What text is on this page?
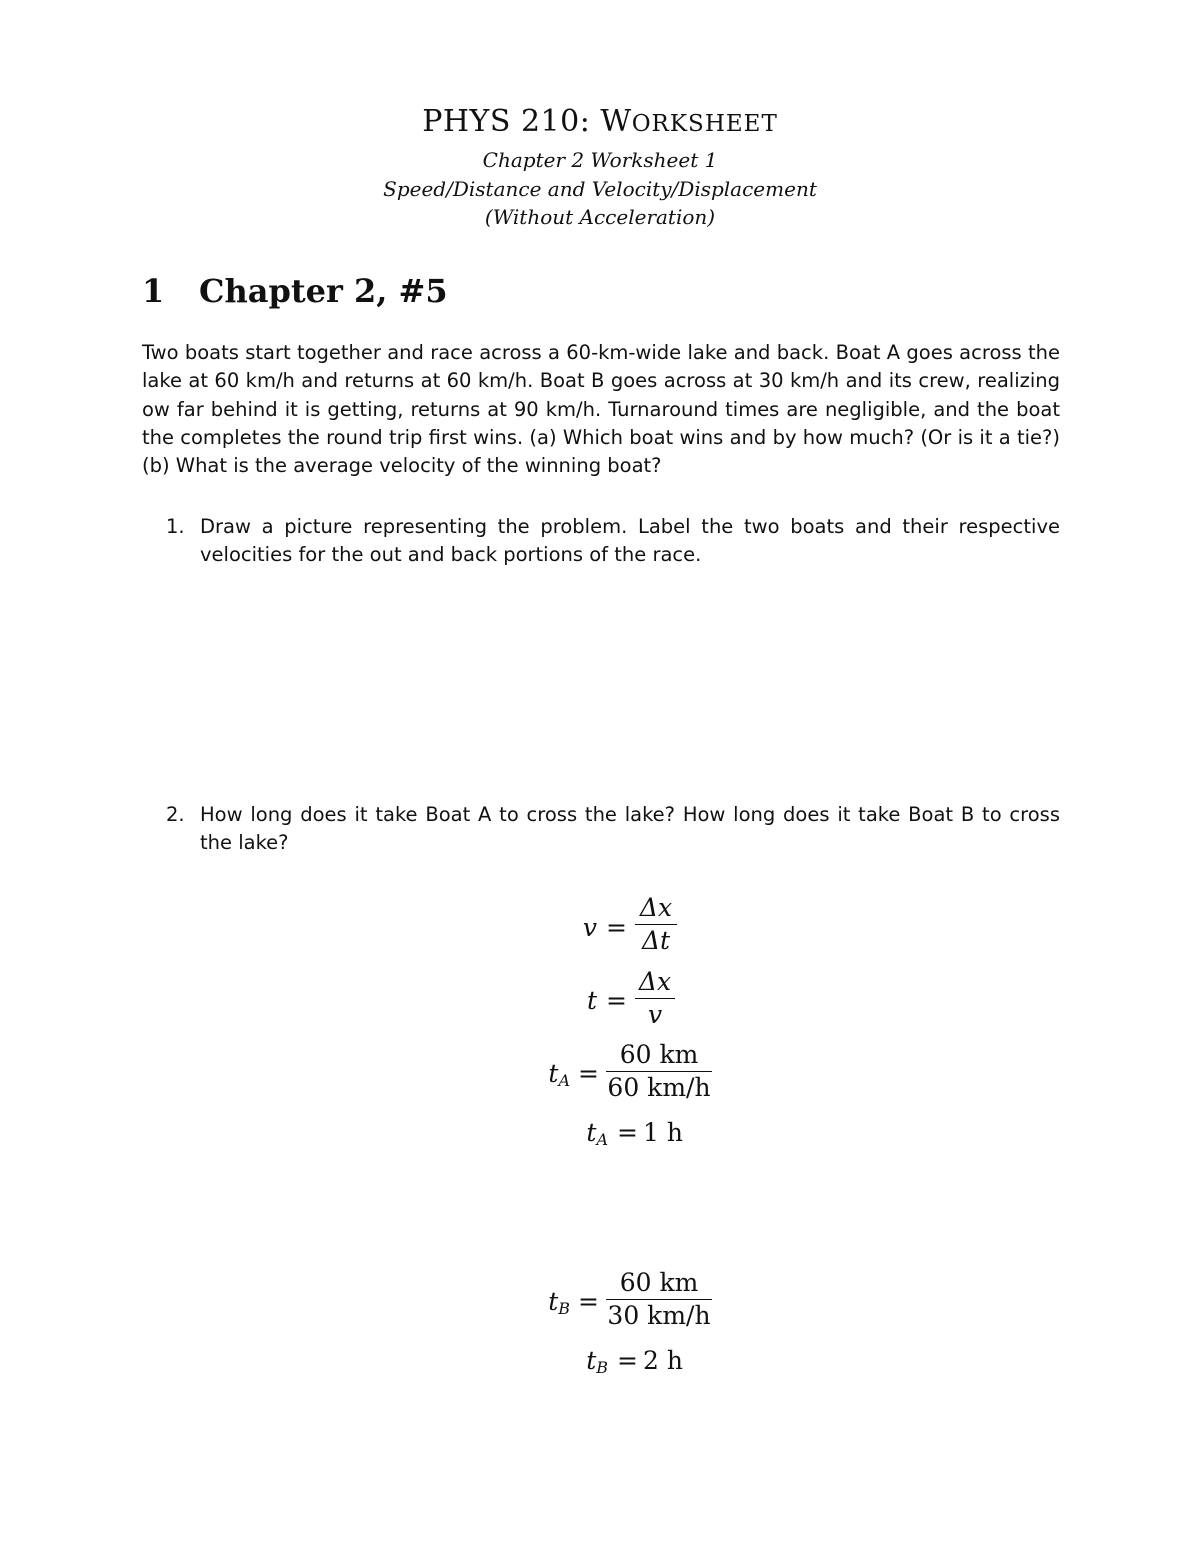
PHYS 210: WORKSHEET

Chapter 2 Worksheet 1

Speed/Distance and Velocity/Displacement

(Without Acceleration)

1 Chapter 2, #5

Two boats start together and race across a 60-km-wide lake and back. Boat A goes across the lake at 60 km/h and returns at 60 km/h. Boat B goes across at 30 km/h and its crew, realizing ow far behind it is getting, returns at 90 km/h. Turnaround times are negligible, and the boat the completes the round trip first wins. (a) Which boat wins and by how much? (Or is it a tie?) (b) What is the average velocity of the winning boat?

1. Draw a picture representing the problem. Label the two boats and their respective velocities for the out and back portions of the race.
2. How long does it take Boat A to cross the lake? How long does it take Boat B to cross the lake?
v =
Δx
Δt
t =
Δx
v
$t_A$ =
60 km
60 km/h
$t_A = 1$ h
$t_B$ =
60 km
30 km/h
$t_B = 2$ h
